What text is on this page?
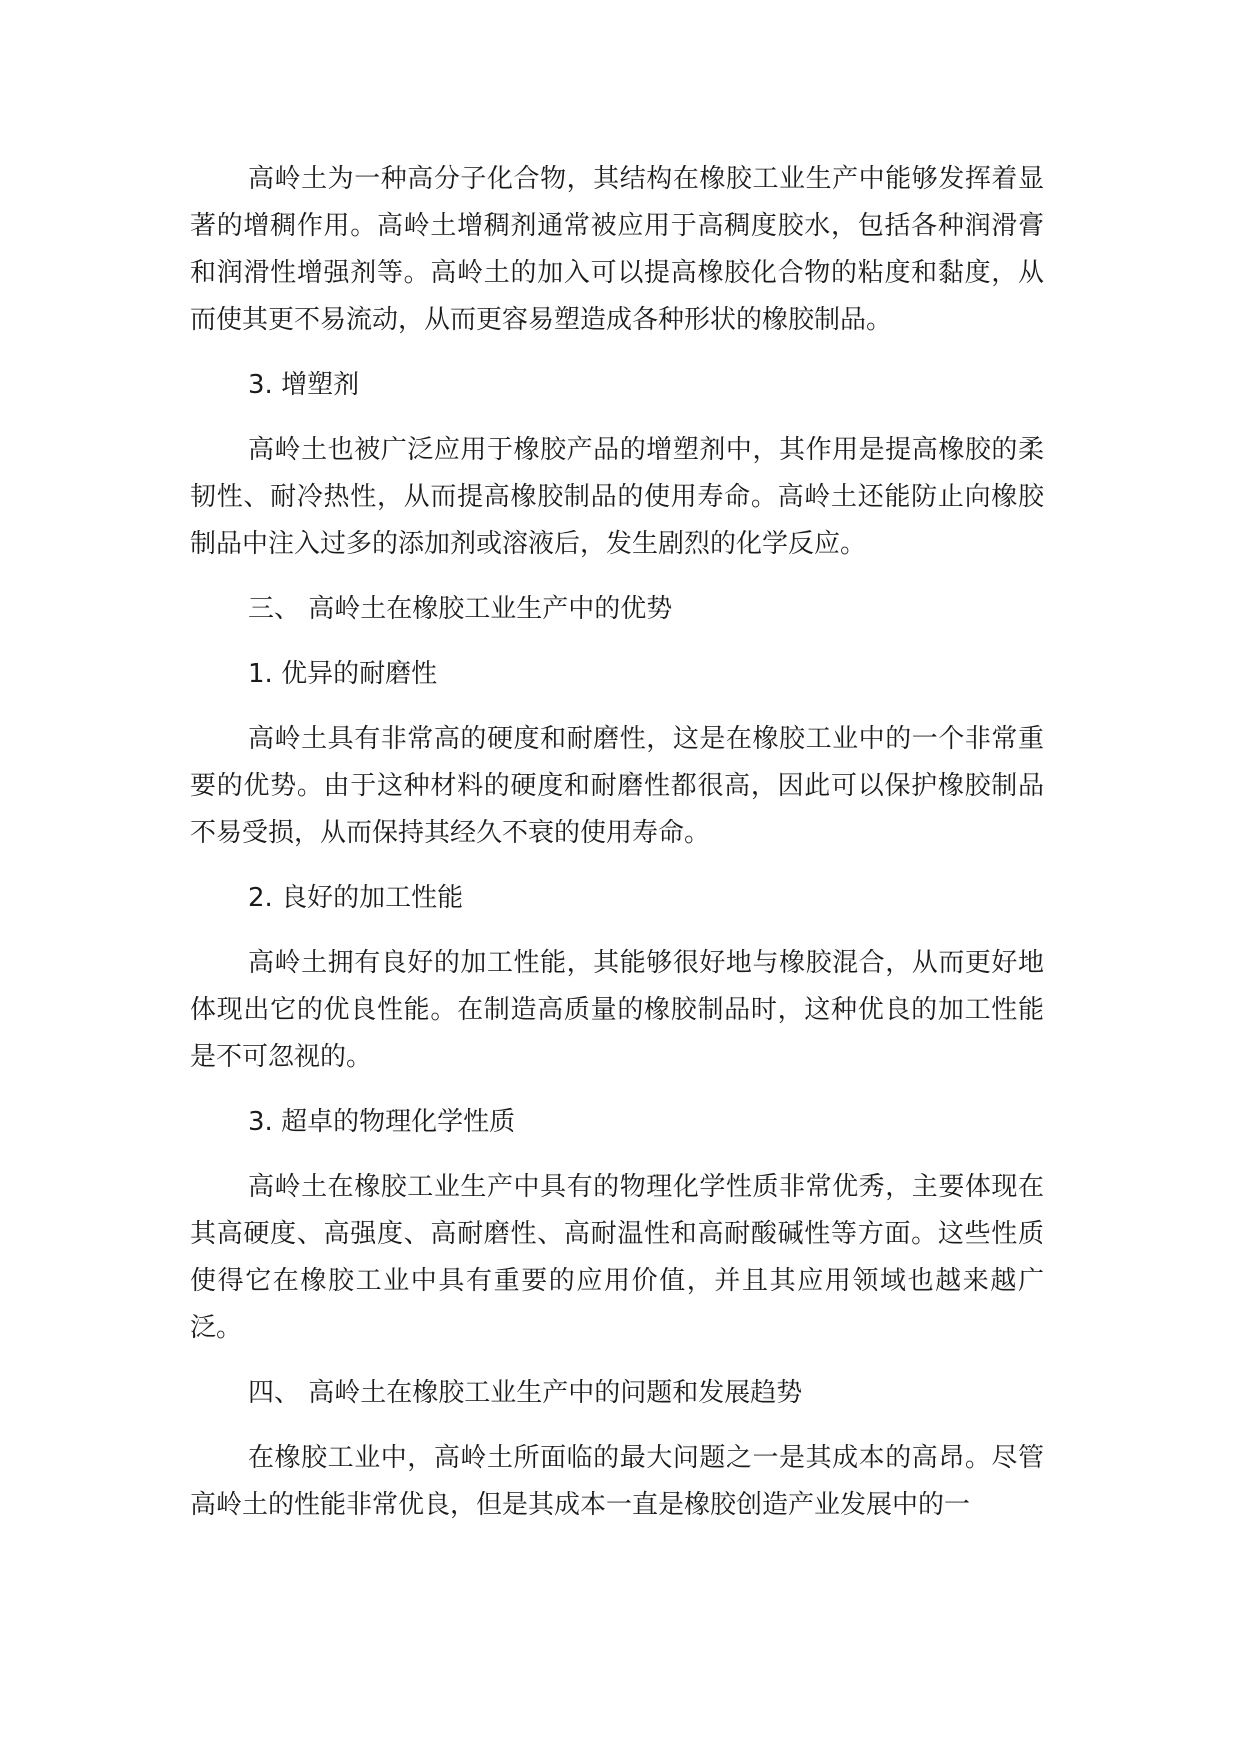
高岭土为一种高分子化合物，其结构在橡胶工业生产中能够发挥着显著的增稠作用。高岭土增稠剂通常被应用于高稠度胶水，包括各种润滑膏和润滑性增强剂等。高岭土的加入可以提高橡胶化合物的粘度和黏度，从而使其更不易流动，从而更容易塑造成各种形状的橡胶制品。

3. 增塑剂

高岭土也被广泛应用于橡胶产品的增塑剂中，其作用是提高橡胶的柔韧性、耐冷热性，从而提高橡胶制品的使用寿命。高岭土还能防止向橡胶制品中注入过多的添加剂或溶液后，发生剧烈的化学反应。

三、 高岭土在橡胶工业生产中的优势

1. 优异的耐磨性

高岭土具有非常高的硬度和耐磨性，这是在橡胶工业中的一个非常重要的优势。由于这种材料的硬度和耐磨性都很高，因此可以保护橡胶制品不易受损，从而保持其经久不衰的使用寿命。

2. 良好的加工性能

高岭土拥有良好的加工性能，其能够很好地与橡胶混合，从而更好地体现出它的优良性能。在制造高质量的橡胶制品时，这种优良的加工性能是不可忽视的。

3. 超卓的物理化学性质

高岭土在橡胶工业生产中具有的物理化学性质非常优秀，主要体现在其高硬度、高强度、高耐磨性、高耐温性和高耐酸碱性等方面。这些性质使得它在橡胶工业中具有重要的应用价值，并且其应用领域也越来越广泛。

四、 高岭土在橡胶工业生产中的问题和发展趋势

在橡胶工业中，高岭土所面临的最大问题之一是其成本的高昂。尽管高岭土的性能非常优良，但是其成本一直是橡胶创造产业发展中的一
